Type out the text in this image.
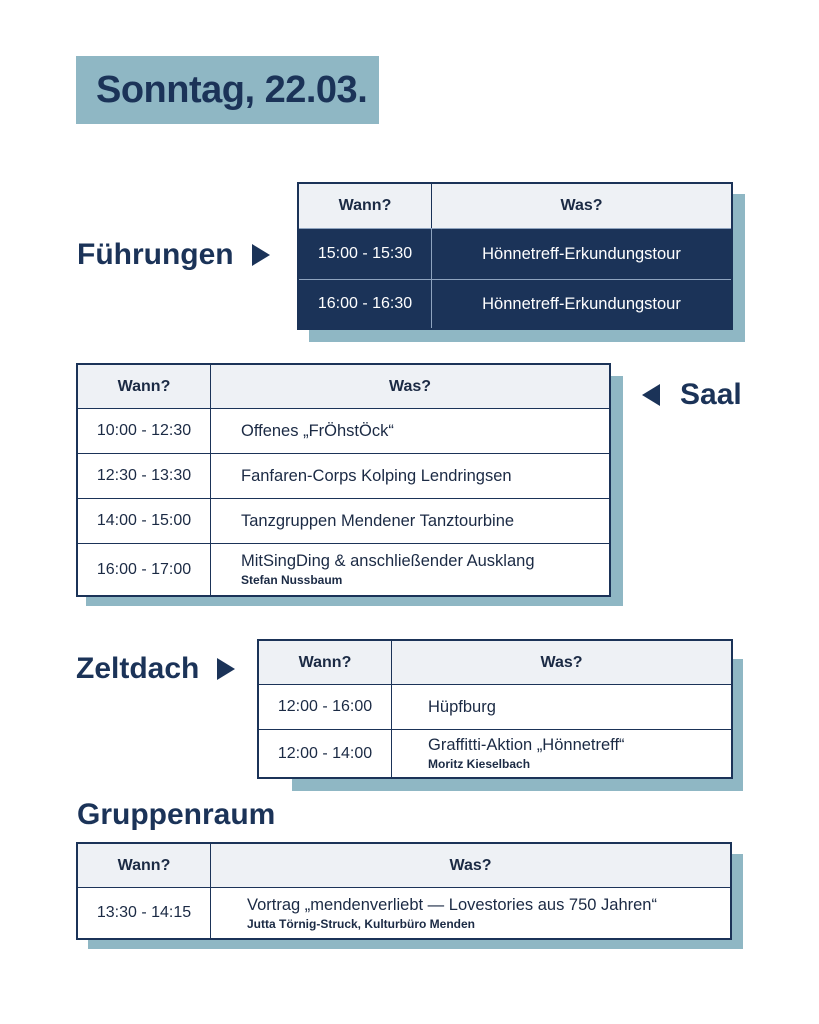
Sonntag, 22.03.
Führungen
Wann?	Was?
15:00 - 15:30	Hönnetreff-Erkundungstour
16:00 - 16:30	Hönnetreff-Erkundungstour
Wann?	Was?
10:00 - 12:30	Offenes „FrÖhstÖck“
12:30 - 13:30	Fanfaren-Corps Kolping Lendringsen
14:00 - 15:00	Tanzgruppen Mendener Tanztourbine
16:00 - 17:00	MitSingDing & anschließender Ausklang
Stefan Nussbaum
Saal
Zeltdach	Wann?	Was?
12:00 - 16:00	Hüpfburg
12:00 - 14:00	Graffitti-Aktion „Hönnetreff“
Moritz Kieselbach
Gruppenraum
Wann?	Was?
13:30 - 14:15	Vortrag „mendenverliebt — Lovestories aus 750 Jahren“
Jutta Törnig-Struck, Kulturbüro Menden
